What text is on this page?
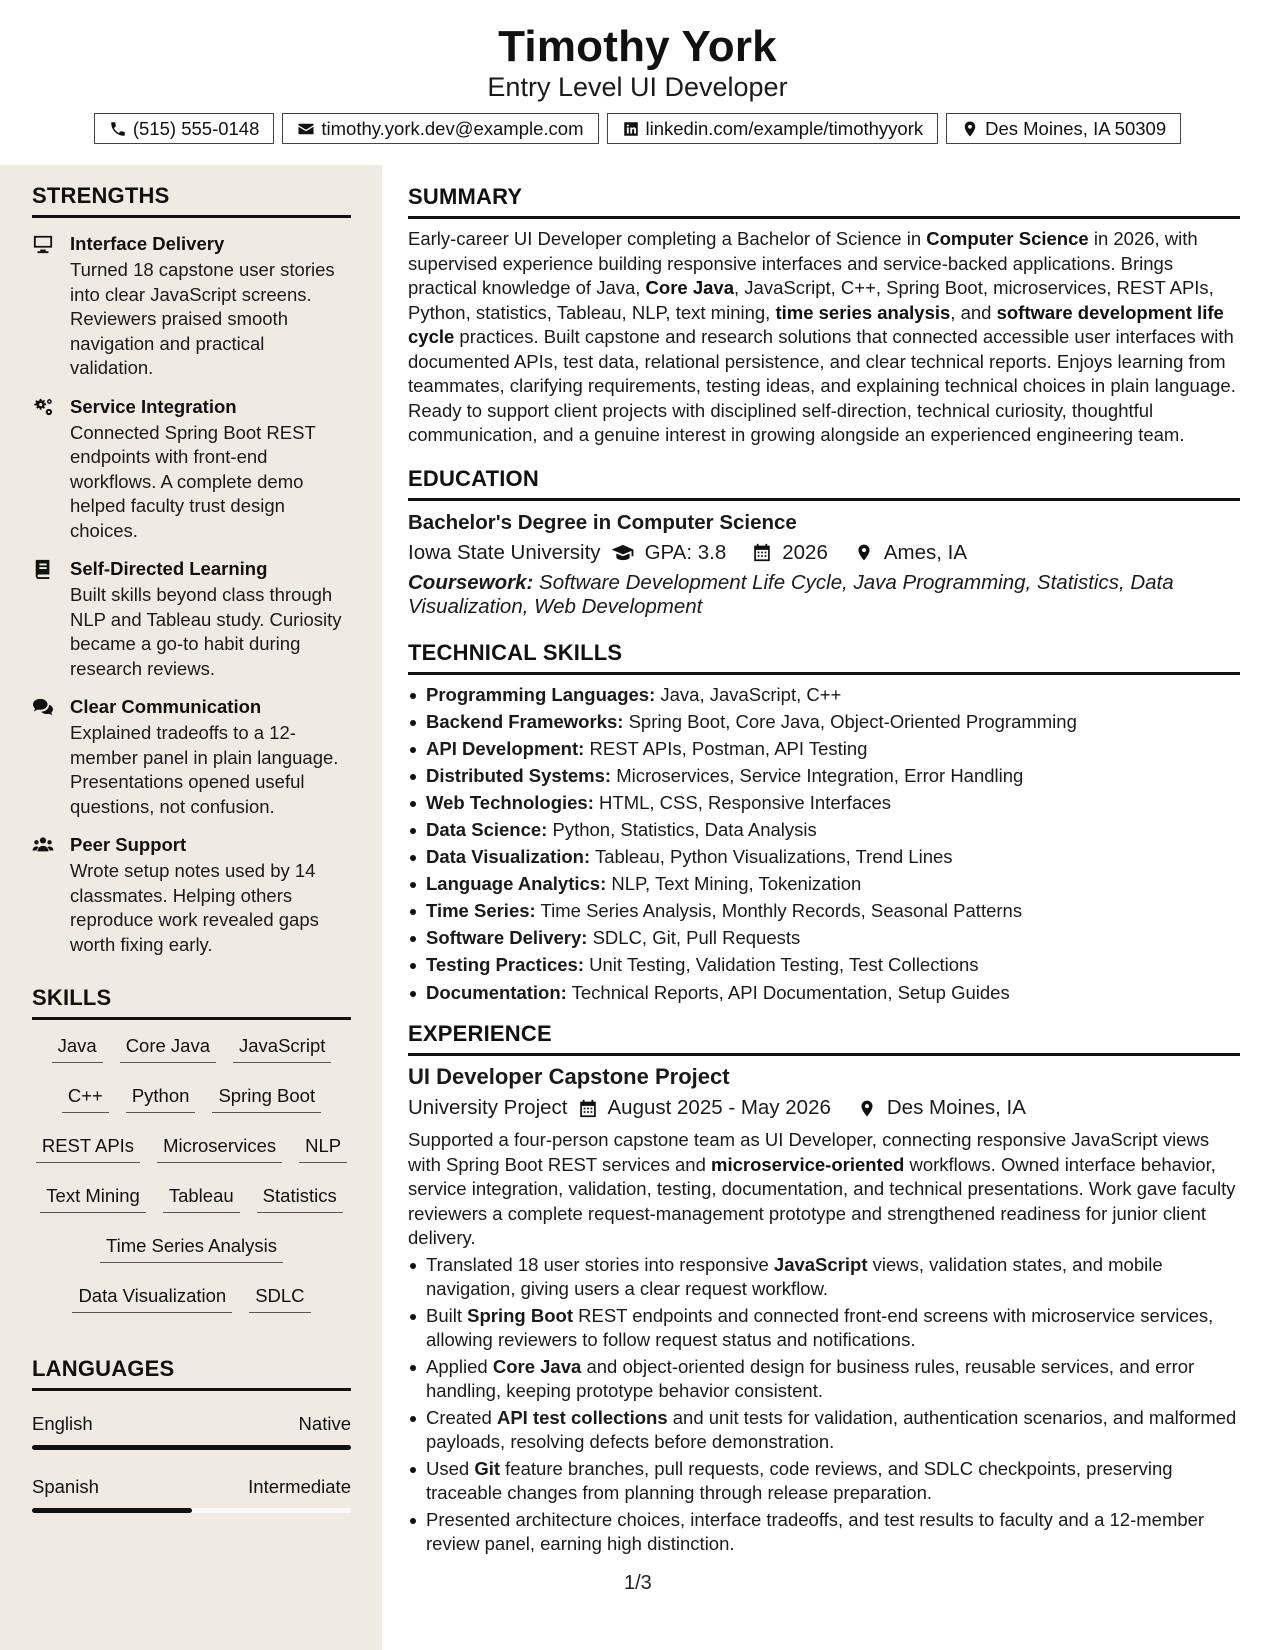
Timothy York
Entry Level UI Developer
(515) 555-0148	timothy.york.dev@example.com	linkedin.com/example/timothyyork	Des Moines, IA 50309
STRENGTHS
Interface Delivery
Turned 18 capstone user stories into clear JavaScript screens. Reviewers praised smooth navigation and practical validation.
Service Integration
Connected Spring Boot REST endpoints with front-end workflows. A complete demo helped faculty trust design choices.
Self-Directed Learning
Built skills beyond class through NLP and Tableau study. Curiosity became a go-to habit during research reviews.
Clear Communication
Explained tradeoffs to a 12-member panel in plain language. Presentations opened useful questions, not confusion.
Peer Support
Wrote setup notes used by 14 classmates. Helping others reproduce work revealed gaps worth fixing early.
SKILLS
Java	Core Java	JavaScript
C++	Python	Spring Boot
REST APIs	Microservices	NLP
Text Mining	Tableau	Statistics
Time Series Analysis
Data Visualization	SDLC
LANGUAGES
English	Native
Spanish	Intermediate
SUMMARY

Early-career UI Developer completing a Bachelor of Science in Computer Science in 2026, with supervised experience building responsive interfaces and service-backed applications. Brings practical knowledge of Java, Core Java, JavaScript, C++, Spring Boot, microservices, REST APIs, Python, statistics, Tableau, NLP, text mining, time series analysis, and software development life cycle practices. Built capstone and research solutions that connected accessible user interfaces with documented APIs, test data, relational persistence, and clear technical reports. Enjoys learning from teammates, clarifying requirements, testing ideas, and explaining technical choices in plain language. Ready to support client projects with disciplined self-direction, technical curiosity, thoughtful communication, and a genuine interest in growing alongside an experienced engineering team.

EDUCATION
Bachelor's Degree in Computer Science
Iowa State University GPA: 3.8	2026	Ames, IA
Coursework: Software Development Life Cycle, Java Programming, Statistics, Data Visualization, Web Development
TECHNICAL SKILLS
Programming Languages: Java, JavaScript, C++
Backend Frameworks: Spring Boot, Core Java, Object-Oriented Programming
API Development: REST APIs, Postman, API Testing
Distributed Systems: Microservices, Service Integration, Error Handling
Web Technologies: HTML, CSS, Responsive Interfaces
Data Science: Python, Statistics, Data Analysis
Data Visualization: Tableau, Python Visualizations, Trend Lines
Language Analytics: NLP, Text Mining, Tokenization
Time Series: Time Series Analysis, Monthly Records, Seasonal Patterns
Software Delivery: SDLC, Git, Pull Requests
Testing Practices: Unit Testing, Validation Testing, Test Collections
Documentation: Technical Reports, API Documentation, Setup Guides
EXPERIENCE
UI Developer Capstone Project
University Project August 2025 - May 2026	Des Moines, IA

Supported a four-person capstone team as UI Developer, connecting responsive JavaScript views with Spring Boot REST services and microservice-oriented workflows. Owned interface behavior, service integration, validation, testing, documentation, and technical presentations. Work gave faculty reviewers a complete request-management prototype and strengthened readiness for junior client delivery.

Translated 18 user stories into responsive JavaScript views, validation states, and mobile navigation, giving users a clear request workflow.
Built Spring Boot REST endpoints and connected front-end screens with microservice services, allowing reviewers to follow request status and notifications.
Applied Core Java and object-oriented design for business rules, reusable services, and error handling, keeping prototype behavior consistent.
Created API test collections and unit tests for validation, authentication scenarios, and malformed payloads, resolving defects before demonstration.
Used Git feature branches, pull requests, code reviews, and SDLC checkpoints, preserving traceable changes from planning through release preparation.
Presented architecture choices, interface tradeoffs, and test results to faculty and a 12-member review panel, earning high distinction.
1/3
